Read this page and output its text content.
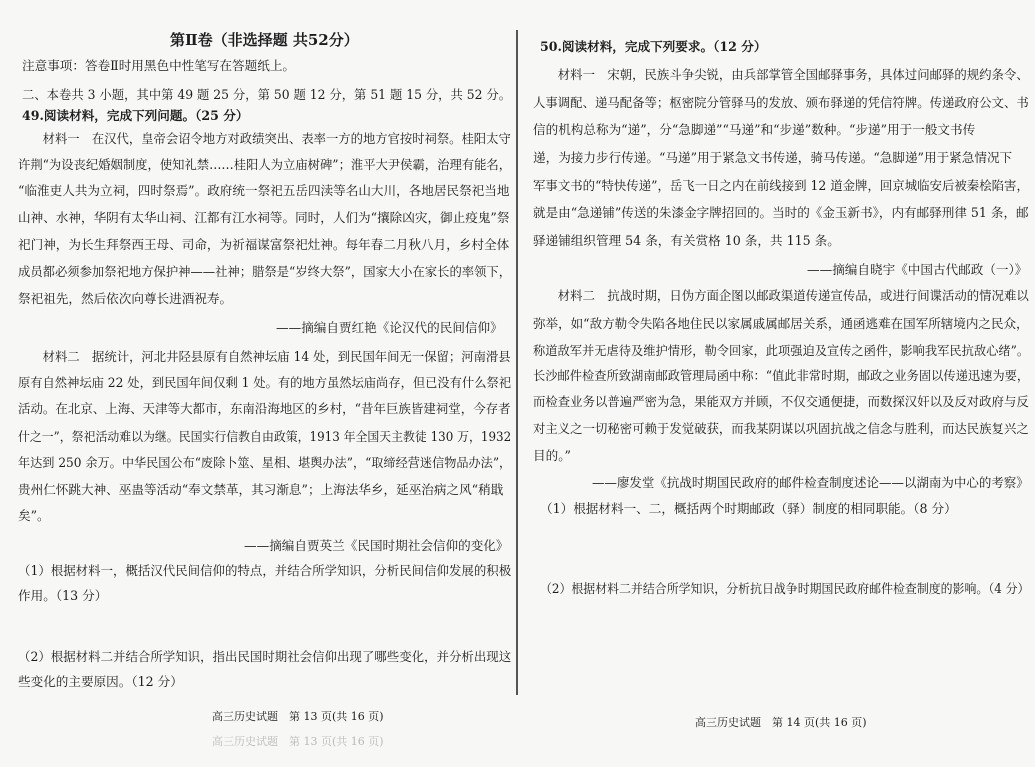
第Ⅱ卷（非选择题 共52分）
注意事项：答卷Ⅱ时用黑色中性笔写在答题纸上。
二、本卷共 3 小题，其中第 49 题 25 分，第 50 题 12 分，第 51 题 15 分，共 52 分。
49.阅读材料，完成下列问题。（25 分）
　　材料一　在汉代，皇帝会诏令地方对政绩突出、表率一方的地方官按时祠祭。桂阳太守
许荆“为设丧纪婚姻制度，使知礼禁……桂阳人为立庙树碑”；淮平大尹侯霸，治理有能名，
“临淮吏人共为立祠，四时祭焉”。政府统一祭祀五岳四渎等名山大川，各地居民祭祀当地
山神、水神，华阴有太华山祠、江都有江水祠等。同时，人们为“攘除凶灾，御止疫鬼”祭
祀门神，为长生拜祭西王母、司命，为祈福谋富祭祀灶神。每年春二月秋八月，乡村全体
成员都必须参加祭祀地方保护神——社神；腊祭是“岁终大祭”，国家大小在家长的率领下，
祭祀祖先，然后依次向尊长进酒祝寿。
——摘编自贾红艳《论汉代的民间信仰》
　　材料二　据统计，河北井陉县原有自然神坛庙 14 处，到民国年间无一保留；河南滑县
原有自然神坛庙 22 处，到民国年间仅剩 1 处。有的地方虽然坛庙尚存，但已没有什么祭祀
活动。在北京、上海、天津等大都市，东南沿海地区的乡村，“昔年巨族皆建祠堂，今存者
什之一”，祭祀活动难以为继。民国实行信教自由政策，1913 年全国天主教徒 130 万，1932
年达到 250 余万。中华民国公布“废除卜筮、星相、堪舆办法”，“取缔经营迷信物品办法”，
贵州仁怀跳大神、巫蛊等活动“奉文禁革，其习渐息”；上海法华乡，延巫治病之风“稍戢
矣”。
——摘编自贾英兰《民国时期社会信仰的变化》
（1）根据材料一，概括汉代民间信仰的特点，并结合所学知识，分析民间信仰发展的积极
作用。（13 分）
（2）根据材料二并结合所学知识，指出民国时期社会信仰出现了哪些变化，并分析出现这
些变化的主要原因。（12 分）
高三历史试题　第 13 页(共 16 页)
高三历史试题　第 13 页(共 16 页)
50.阅读材料，完成下列要求。（12 分）
　　材料一　宋朝，民族斗争尖锐，由兵部掌管全国邮驿事务，具体过问邮驿的规约条令、
人事调配、递马配备等；枢密院分管驿马的发放、颁布驿递的凭信符牌。传递政府公文、书
信的机构总称为“递”，分“急脚递”“马递”和“步递”数种。“步递”用于一般文书传
递，为接力步行传递。“马递”用于紧急文书传递，骑马传递。“急脚递”用于紧急情况下
军事文书的“特快传递”，岳飞一日之内在前线接到 12 道金牌，回京城临安后被秦桧陷害，
就是由“急递铺”传送的朱漆金字牌招回的。当时的《金玉新书》，内有邮驿刑律 51 条，邮
驿递铺组织管理 54 条，有关赏格 10 条，共 115 条。
——摘编自晓宇《中国古代邮政（一）》
　　材料二　抗战时期，日伪方面企图以邮政渠道传递宣传品，或进行间谍活动的情况难以
弥举，如“敌方勒令失陷各地住民以家属戚属邮居关系，通函逃难在国军所辖境内之民众，
称道敌军并无虐待及维护情形，勒令回家，此项强迫及宣传之函件，影响我军民抗敌心绪”。
长沙邮件检查所致湖南邮政管理局函中称：“值此非常时期，邮政之业务固以传递迅速为要，
而检查业务以普遍严密为急，果能双方并顾，不仅交通便捷，而数探汉奸以及反对政府与反
对主义之一切秘密可赖于发觉破获，而我某阴谋以巩固抗战之信念与胜利，而达民族复兴之
目的。”
——廖发堂《抗战时期国民政府的邮件检查制度述论——以湖南为中心的考察》
（1）根据材料一、二，概括两个时期邮政（驿）制度的相同职能。（8 分）
（2）根据材料二并结合所学知识，分析抗日战争时期国民政府邮件检查制度的影响。（4 分）
高三历史试题　第 14 页(共 16 页)
